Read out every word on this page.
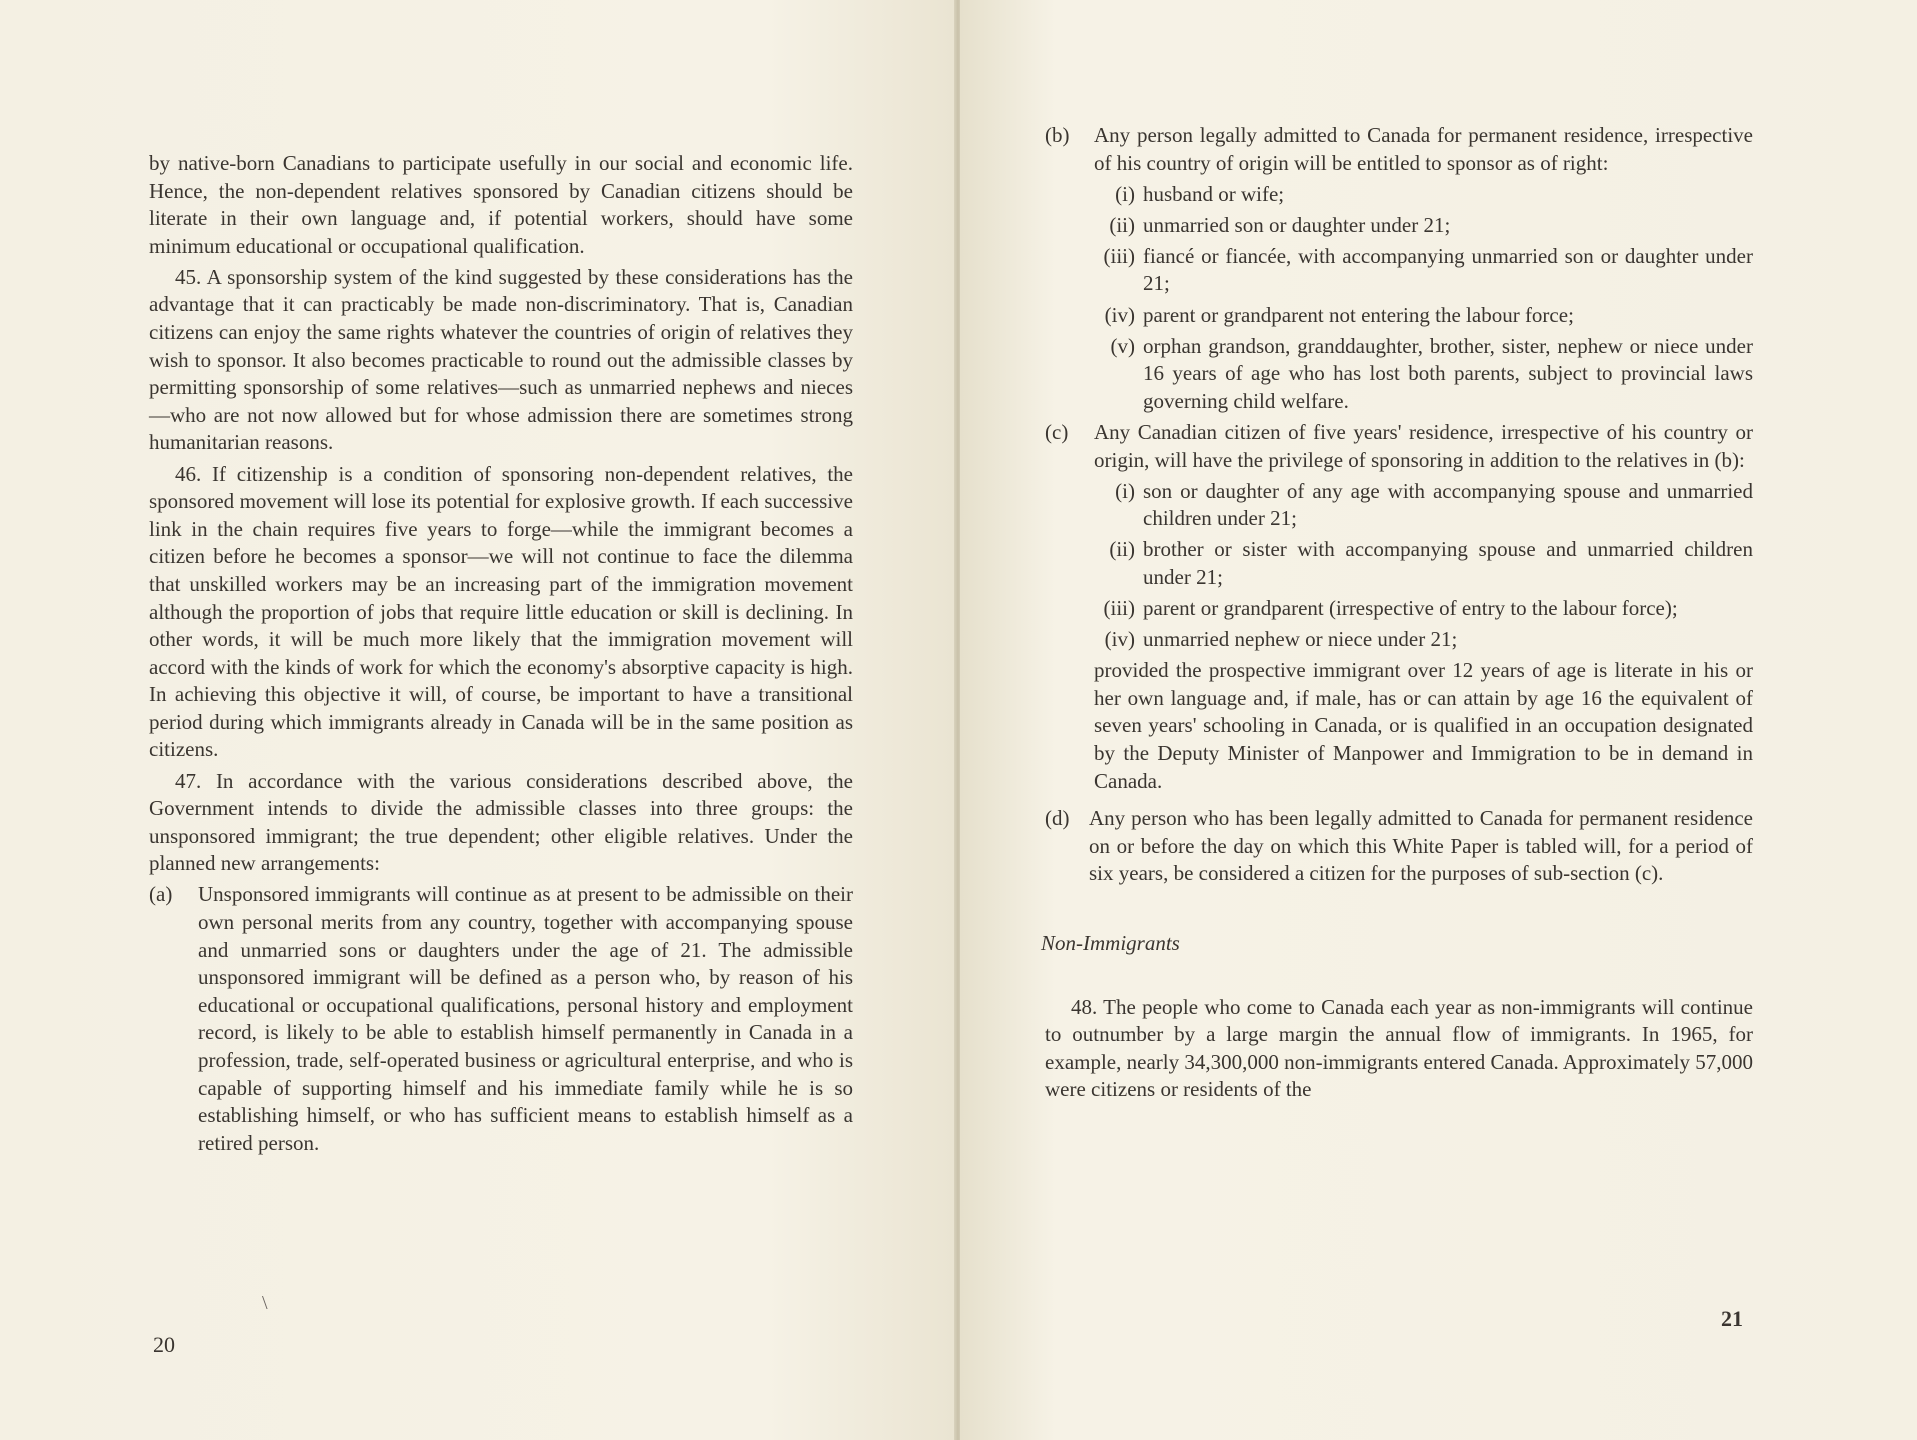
by native-born Canadians to participate usefully in our social and economic life. Hence, the non-dependent relatives sponsored by Canadian citizens should be literate in their own language and, if potential workers, should have some minimum educational or occupational qualification.

45. A sponsorship system of the kind suggested by these considerations has the advantage that it can practicably be made non-discriminatory. That is, Canadian citizens can enjoy the same rights whatever the countries of origin of relatives they wish to sponsor. It also becomes practicable to round out the admissible classes by permitting sponsorship of some relatives—such as unmarried nephews and nieces—who are not now allowed but for whose admission there are sometimes strong humanitarian reasons.

46. If citizenship is a condition of sponsoring non-dependent relatives, the sponsored movement will lose its potential for explosive growth. If each successive link in the chain requires five years to forge—while the immigrant becomes a citizen before he becomes a sponsor—we will not continue to face the dilemma that unskilled workers may be an increasing part of the immigration movement although the proportion of jobs that require little education or skill is declining. In other words, it will be much more likely that the immigration movement will accord with the kinds of work for which the economy's absorptive capacity is high. In achieving this objective it will, of course, be important to have a transitional period during which immigrants already in Canada will be in the same position as citizens.

47. In accordance with the various considerations described above, the Government intends to divide the admissible classes into three groups: the unsponsored immigrant; the true dependent; other eligible relatives. Under the planned new arrangements:

(a)	Unsponsored immigrants will continue as at present to be admissible on their own personal merits from any country, together with accompanying spouse and unmarried sons or daughters under the age of 21. The admissible unsponsored immigrant will be defined as a person who, by reason of his educational or occupational qualifications, personal history and employment record, is likely to be able to establish himself permanently in Canada in a profession, trade, self-operated business or agricultural enterprise, and who is capable of supporting himself and his immediate family while he is so establishing himself, or who has sufficient means to establish himself as a retired person.
\
20
(b)	Any person legally admitted to Canada for permanent residence, irrespective of his country of origin will be entitled to sponsor as of right:
(i) husband or wife;
(ii) unmarried son or daughter under 21;
(iii) fiancé or fiancée, with accompanying unmarried son or daughter under 21;
(iv) parent or grandparent not entering the labour force;
(v) orphan grandson, granddaughter, brother, sister, nephew or niece under 16 years of age who has lost both parents, subject to provincial laws governing child welfare.
(c)	Any Canadian citizen of five years' residence, irrespective of his country or origin, will have the privilege of sponsoring in addition to the relatives in (b):
(i) son or daughter of any age with accompanying spouse and unmarried children under 21;
(ii) brother or sister with accompanying spouse and unmarried children under 21;
(iii) parent or grandparent (irrespective of entry to the labour force);
(iv) unmarried nephew or niece under 21;

provided the prospective immigrant over 12 years of age is literate in his or her own language and, if male, has or can attain by age 16 the equivalent of seven years' schooling in Canada, or is qualified in an occupation designated by the Deputy Minister of Manpower and Immigration to be in demand in Canada.

(d) Any person who has been legally admitted to Canada for permanent residence on or before the day on which this White Paper is tabled will, for a period of six years, be considered a citizen for the purposes of sub-section (c).
Non-Immigrants

48. The people who come to Canada each year as non-immigrants will continue to outnumber by a large margin the annual flow of immigrants. In 1965, for example, nearly 34,300,000 non-immigrants entered Canada. Approximately 57,000 were citizens or residents of the

21
